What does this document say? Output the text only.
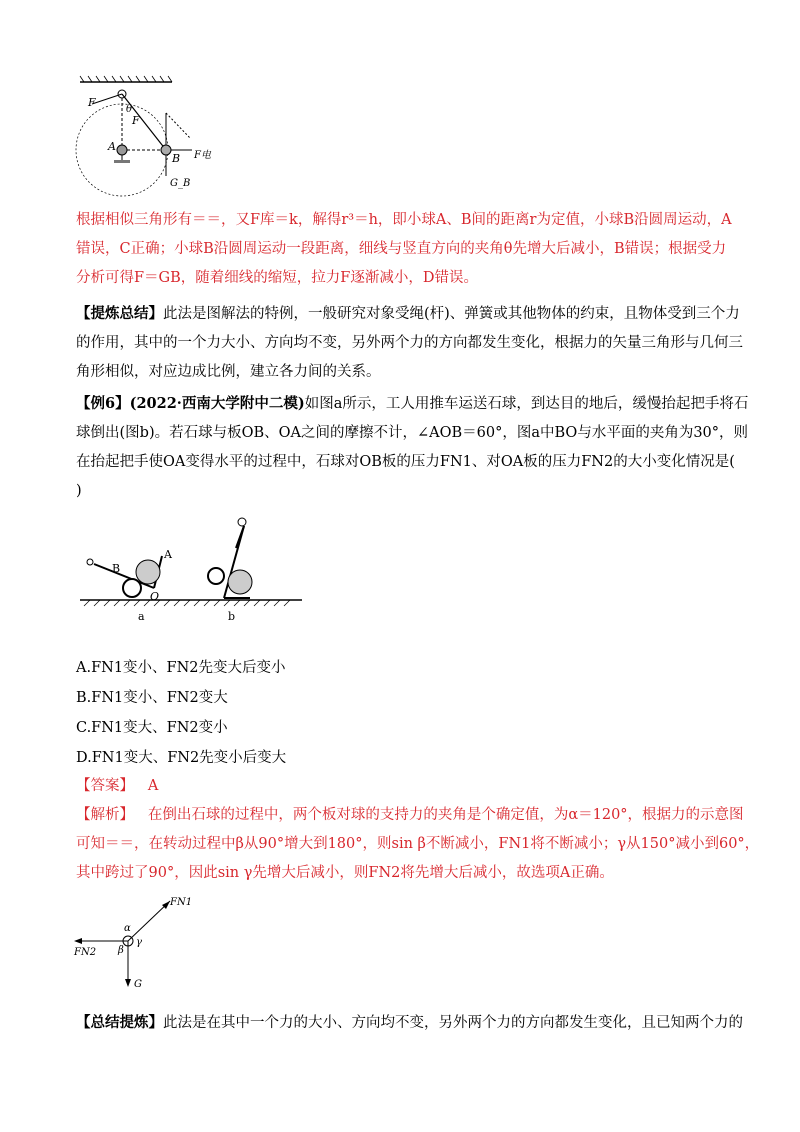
F
θ
F
A
B F电
G_B
根据相似三角形有＝＝，又F库＝k，解得r³＝h，即小球A、B间的距离r为定值，小球B沿圆周运动，A
错误，C正确；小球B沿圆周运动一段距离，细线与竖直方向的夹角θ先增大后减小，B错误；根据受力
分析可得F＝GB，随着细线的缩短，拉力F逐渐减小，D错误。
【提炼总结】此法是图解法的特例，一般研究对象受绳(杆)、弹簧或其他物体的约束，且物体受到三个力
的作用，其中的一个力大小、方向均不变，另外两个力的方向都发生变化，根据力的矢量三角形与几何三
角形相似，对应边成比例，建立各力间的关系。
【例6】(2022·西南大学附中二模)如图a所示，工人用推车运送石球，到达目的地后，缓慢抬起把手将石
球倒出(图b)。若石球与板OB、OA之间的摩擦不计，∠AOB＝60°，图a中BO与水平面的夹角为30°，则
在抬起把手使OA变得水平的过程中，石球对OB板的压力FN1、对OA板的压力FN2的大小变化情况是(
)
A
B
O
a	b
A.FN1变小、FN2先变大后变小
B.FN1变小、FN2变大
C.FN1变大、FN2变小
D.FN1变大、FN2先变小后变大
【答案】 A
【解析】 在倒出石球的过程中，两个板对球的支持力的夹角是个确定值，为α＝120°，根据力的示意图
可知＝＝，在转动过程中β从90°增大到180°，则sin β不断减小，FN1将不断减小；γ从150°减小到60°，
其中跨过了90°，因此sin γ先增大后减小，则FN2将先增大后减小，故选项A正确。
FN1
FN2
G
α
β
γ
【总结提炼】此法是在其中一个力的大小、方向均不变，另外两个力的方向都发生变化，且已知两个力的
